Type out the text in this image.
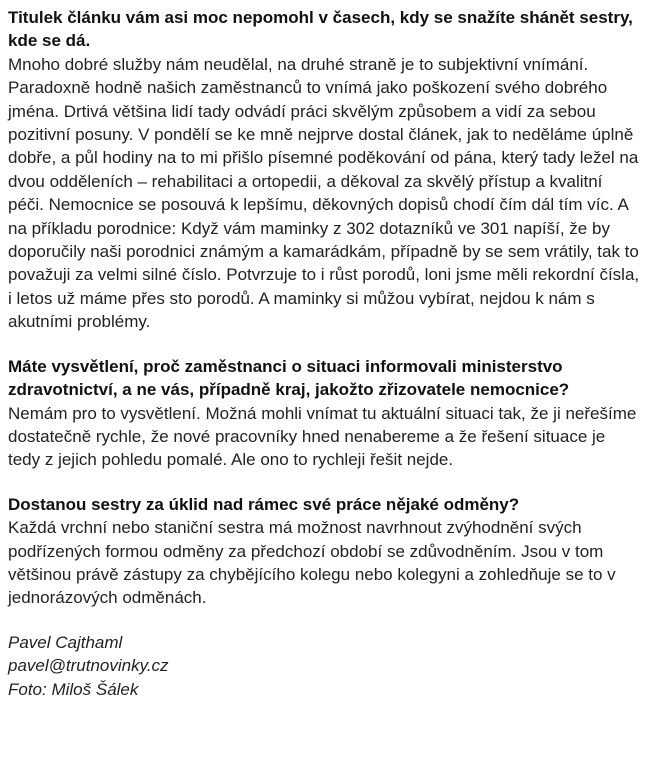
Titulek článku vám asi moc nepomohl v časech, kdy se snažíte shánět sestry, kde se dá.

Mnoho dobré služby nám neudělal, na druhé straně je to subjektivní vnímání. Paradoxně hodně našich zaměstnanců to vnímá jako poškození svého dobrého jména. Drtivá většina lidí tady odvádí práci skvělým způsobem a vidí za sebou pozitivní posuny. V pondělí se ke mně nejprve dostal článek, jak to neděláme úplně dobře, a půl hodiny na to mi přišlo písemné poděkování od pána, který tady ležel na dvou odděleních – rehabilitaci a ortopedii, a děkoval za skvělý přístup a kvalitní péči. Nemocnice se posouvá k lepšímu, děkovných dopisů chodí čím dál tím víc. A na příkladu porodnice: Když vám maminky z 302 dotazníků ve 301 napíší, že by doporučily naši porodnici známým a kamarádkám, případně by se sem vrátily, tak to považuji za velmi silné číslo. Potvrzuje to i růst porodů, loni jsme měli rekordní čísla, i letos už máme přes sto porodů. A maminky si můžou vybírat, nejdou k nám s akutními problémy.

Máte vysvětlení, proč zaměstnanci o situaci informovali ministerstvo zdravotnictví, a ne vás, případně kraj, jakožto zřizovatele nemocnice?

Nemám pro to vysvětlení. Možná mohli vnímat tu aktuální situaci tak, že ji neřešíme dostatečně rychle, že nové pracovníky hned nenabereme a že řešení situace je tedy z jejich pohledu pomalé. Ale ono to rychleji řešit nejde.

Dostanou sestry za úklid nad rámec své práce nějaké odměny?

Každá vrchní nebo staniční sestra má možnost navrhnout zvýhodnění svých podřízených formou odměny za předchozí období se zdůvodněním. Jsou v tom většinou právě zástupy za chybějícího kolegu nebo kolegyni a zohledňuje se to v jednorázových odměnách.

Pavel Cajthaml
pavel@trutnovinky.cz
Foto: Miloš Šálek
